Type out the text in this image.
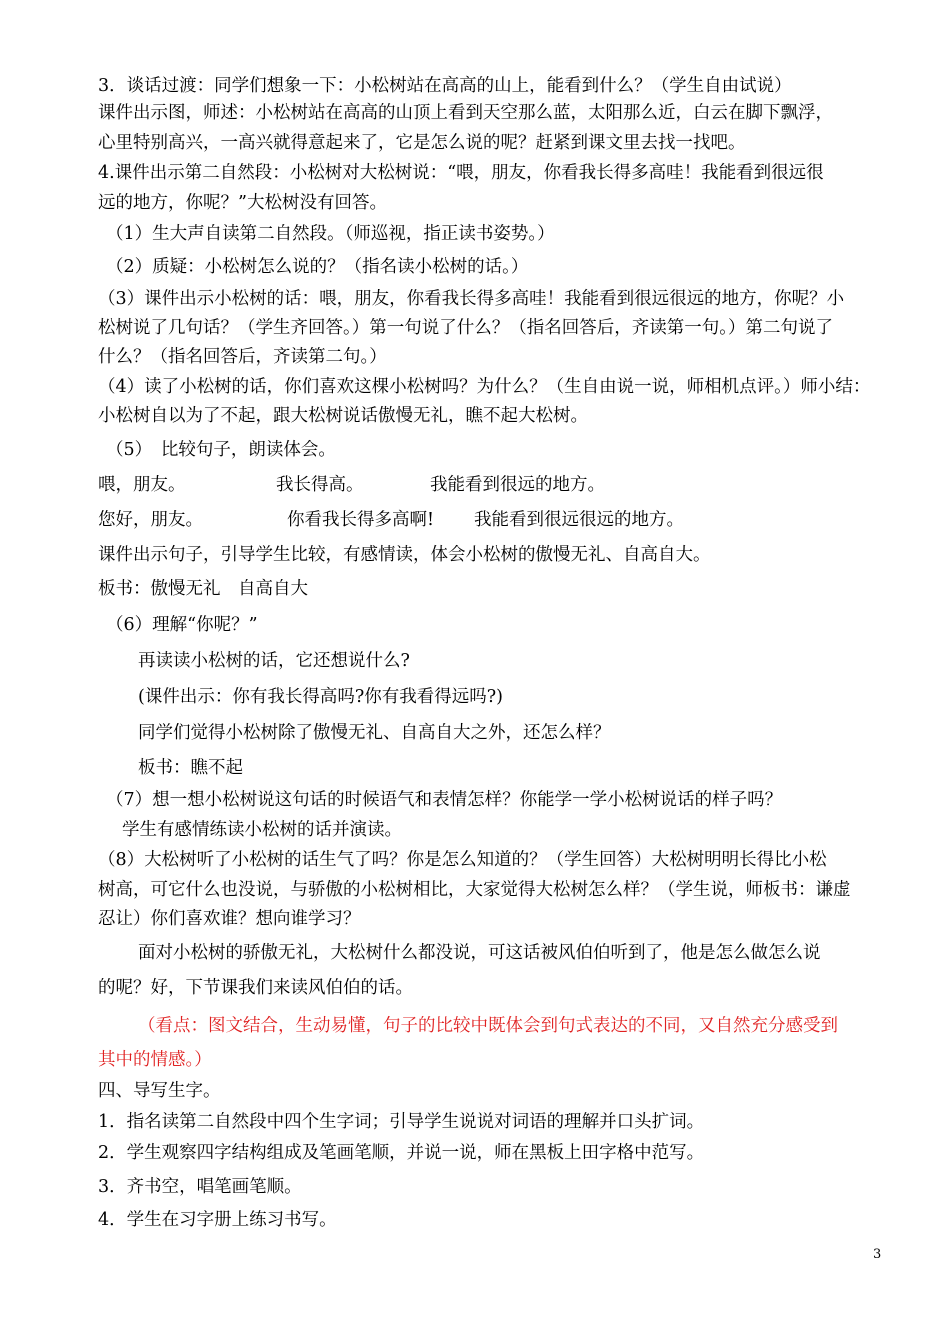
3．谈话过渡：同学们想象一下：小松树站在高高的山上，能看到什么？（学生自由试说）
课件出示图，师述：小松树站在高高的山顶上看到天空那么蓝，太阳那么近，白云在脚下飘浮，
心里特别高兴，一高兴就得意起来了，它是怎么说的呢？赶紧到课文里去找一找吧。
4.课件出示第二自然段：小松树对大松树说：“喂，朋友，你看我长得多高哇！我能看到很远很
远的地方，你呢？”大松树没有回答。
（1）生大声自读第二自然段。（师巡视，指正读书姿势。）
（2）质疑：小松树怎么说的？（指名读小松树的话。）
（3）课件出示小松树的话：喂，朋友，你看我长得多高哇！我能看到很远很远的地方，你呢？小
松树说了几句话？（学生齐回答。）第一句说了什么？（指名回答后，齐读第一句。）第二句说了
什么？（指名回答后，齐读第二句。）
（4）读了小松树的话，你们喜欢这棵小松树吗？为什么？（生自由说一说，师相机点评。）师小结：
小松树自以为了不起，跟大松树说话傲慢无礼，瞧不起大松树。
（5）　比较句子，朗读体会。
喂，朋友。	我长得高。	我能看到很远的地方。
您好，朋友。	你看我长得多高啊! 我能看到很远很远的地方。
课件出示句子，引导学生比较，有感情读，体会小松树的傲慢无礼、自高自大。
板书：傲慢无礼　自高自大
（6）理解“你呢？”
再读读小松树的话，它还想说什么?
(课件出示：你有我长得高吗?你有我看得远吗?)
同学们觉得小松树除了傲慢无礼、自高自大之外，还怎么样？
板书：瞧不起
（7）想一想小松树说这句话的时候语气和表情怎样？你能学一学小松树说话的样子吗？
学生有感情练读小松树的话并演读。
（8）大松树听了小松树的话生气了吗？你是怎么知道的？（学生回答）大松树明明长得比小松
树高，可它什么也没说，与骄傲的小松树相比，大家觉得大松树怎么样？（学生说，师板书：谦虚
忍让）你们喜欢谁？想向谁学习？
面对小松树的骄傲无礼，大松树什么都没说，可这话被风伯伯听到了，他是怎么做怎么说
的呢？好，下节课我们来读风伯伯的话。
（看点：图文结合，生动易懂，句子的比较中既体会到句式表达的不同，又自然充分感受到
其中的情感。）
四、导写生字。
1．指名读第二自然段中四个生字词；引导学生说说对词语的理解并口头扩词。
2．学生观察四字结构组成及笔画笔顺，并说一说，师在黑板上田字格中范写。
3．齐书空，唱笔画笔顺。
4．学生在习字册上练习书写。
3
